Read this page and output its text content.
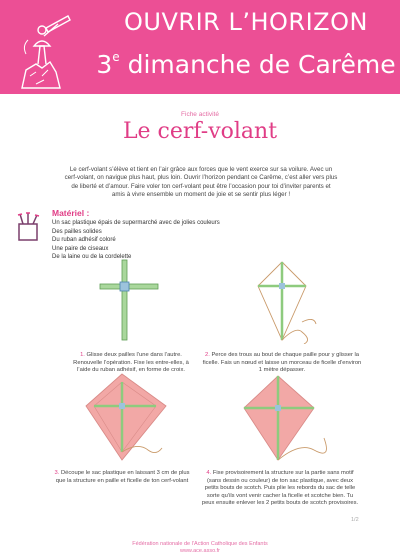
OUVRIR L’HORIZON
3e dimanche de Carême
Fiche activité
Le cerf-volant
Le cerf-volant s’élève et tient en l’air grâce aux forces que le vent exerce sur sa voilure. Avec un cerf-volant, on navigue plus haut, plus loin. Ouvrir l’horizon pendant ce Carême, c’est aller vers plus de liberté et d’amour. Faire voler ton cerf-volant peut être l’occasion pour toi d’inviter parents et amis à vivre ensemble un moment de joie et se sentir plus léger !
Matériel :
Un sac plastique épais de supermarché avec de jolies couleurs
Des pailles solides
Du ruban adhésif coloré
Une paire de ciseaux
De la laine ou de la cordelette
1. Glisse deux pailles l’une dans l’autre. Renouvelle l’opération. Fixe les entre-elles, à l’aide du ruban adhésif, en forme de croix.
2. Perce des trous au bout de chaque paille pour y glisser la ficelle. Fais un nœud et laisse un morceau de ficelle d’environ 1 mètre dépasser.
3. Découpe le sac plastique en laissant 3 cm de plus que la structure en paille et ficelle de ton cerf-volant
4. Fixe provisoirement la structure sur la partie sans motif (sans dessin ou couleur) de ton sac plastique, avec deux petits bouts de scotch. Puis plie les rebords du sac de telle sorte qu’ils vont venir cacher la ficelle et scotche bien. Tu peux ensuite enlever les 2 petits bouts de scotch provisoires.
1/2
Fédération nationale de l’Action Catholique des Enfants
www.ace.asso.fr
